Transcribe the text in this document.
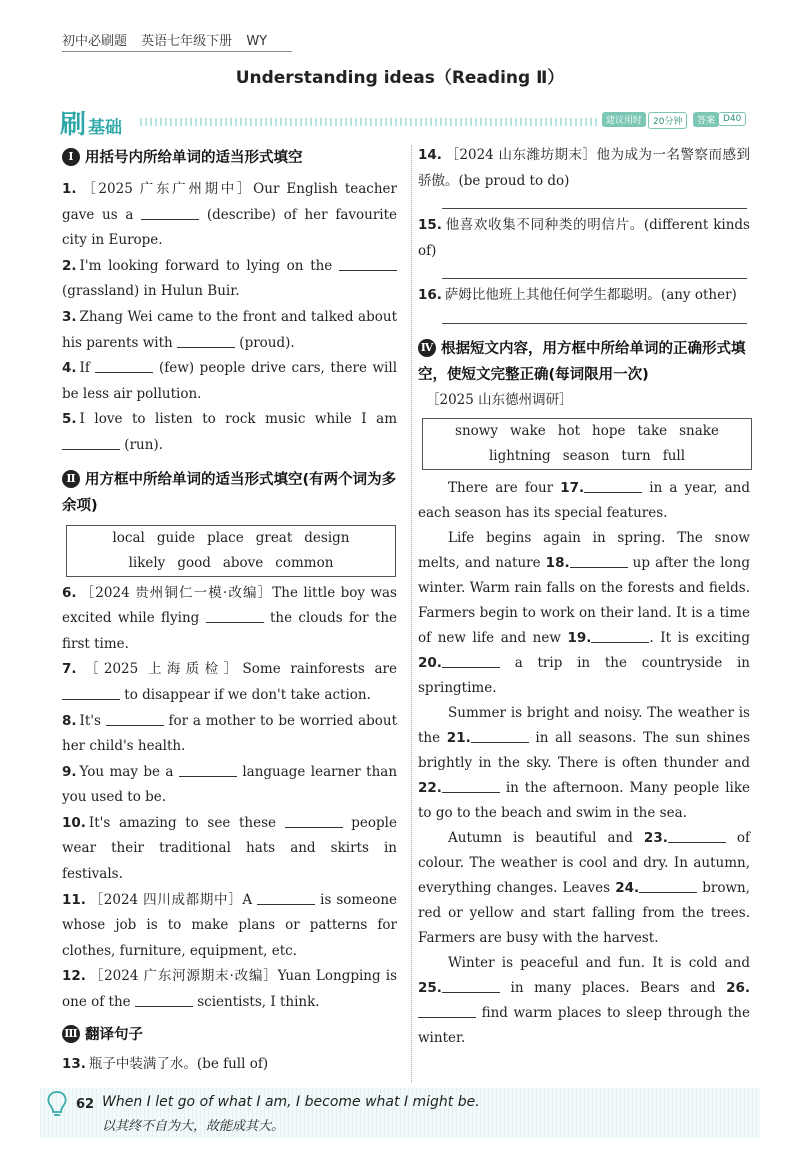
初中必刷题 英语七年级下册 WY
Understanding ideas（Reading Ⅱ）
刷基础	建议用时	20分钟	答案 D40
Ⅰ 用括号内所给单词的适当形式填空
1. ［2025 广东广州期中］Our English teacher gave us a	(describe) of her favourite city in Europe.
2. I'm looking forward to lying on the  (grassland) in Hulun Buir.
3. Zhang Wei came to the front and talked about his parents with	(proud).
4. If	(few) people drive cars, there will be less air pollution.
5. I love to listen to rock music while I am  (run).
Ⅱ 用方框中所给单词的适当形式填空(有两个词为多余项)
local guide place great design
likely good above common
6. ［2024 贵州铜仁一模·改编］The little boy was excited while flying	the clouds for the first time.
7. ［2025 上海质检］Some rainforests are  to disappear if we don't take action.
8. It's	for a mother to be worried about her child's health.
9. You may be a	language learner than you used to be.
10. It's amazing to see these	people wear their traditional hats and skirts in festivals.
11. ［2024 四川成都期中］A	is someone whose job is to make plans or patterns for clothes, furniture, equipment, etc.
12. ［2024 广东河源期末·改编］Yuan Longping is one of the	scientists, I think.
Ⅲ 翻译句子
13. 瓶子中装满了水。(be full of)
14. ［2024 山东潍坊期末］他为成为一名警察而感到骄傲。(be proud to do)
15. 他喜欢收集不同种类的明信片。(different kinds of)
16. 萨姆比他班上其他任何学生都聪明。(any other)
Ⅳ 根据短文内容，用方框中所给单词的正确形式填空，使短文完整正确(每词限用一次)
［2025 山东德州调研］
snowy wake hot hope take snake
lightning season turn full
There are four 17.	in a year, and each season has its special features.
Life begins again in spring. The snow melts, and nature 18.	up after the long winter. Warm rain falls on the forests and fields. Farmers begin to work on their land. It is a time of new life and new 19.	. It is exciting 20.	a trip in the countryside in springtime.
Summer is bright and noisy. The weather is the 21.	in all seasons. The sun shines brightly in the sky. There is often thunder and 22.	in the afternoon. Many people like to go to the beach and swim in the sea.
Autumn is beautiful and 23.	of colour. The weather is cool and dry. In autumn, everything changes. Leaves 24.	brown, red or yellow and start falling from the trees. Farmers are busy with the harvest.
Winter is peaceful and fun. It is cold and 25.	in many places. Bears and 26. find warm places to sleep through the winter.
62 When I let go of what I am, I become what I might be.
以其终不自为大，故能成其大。
